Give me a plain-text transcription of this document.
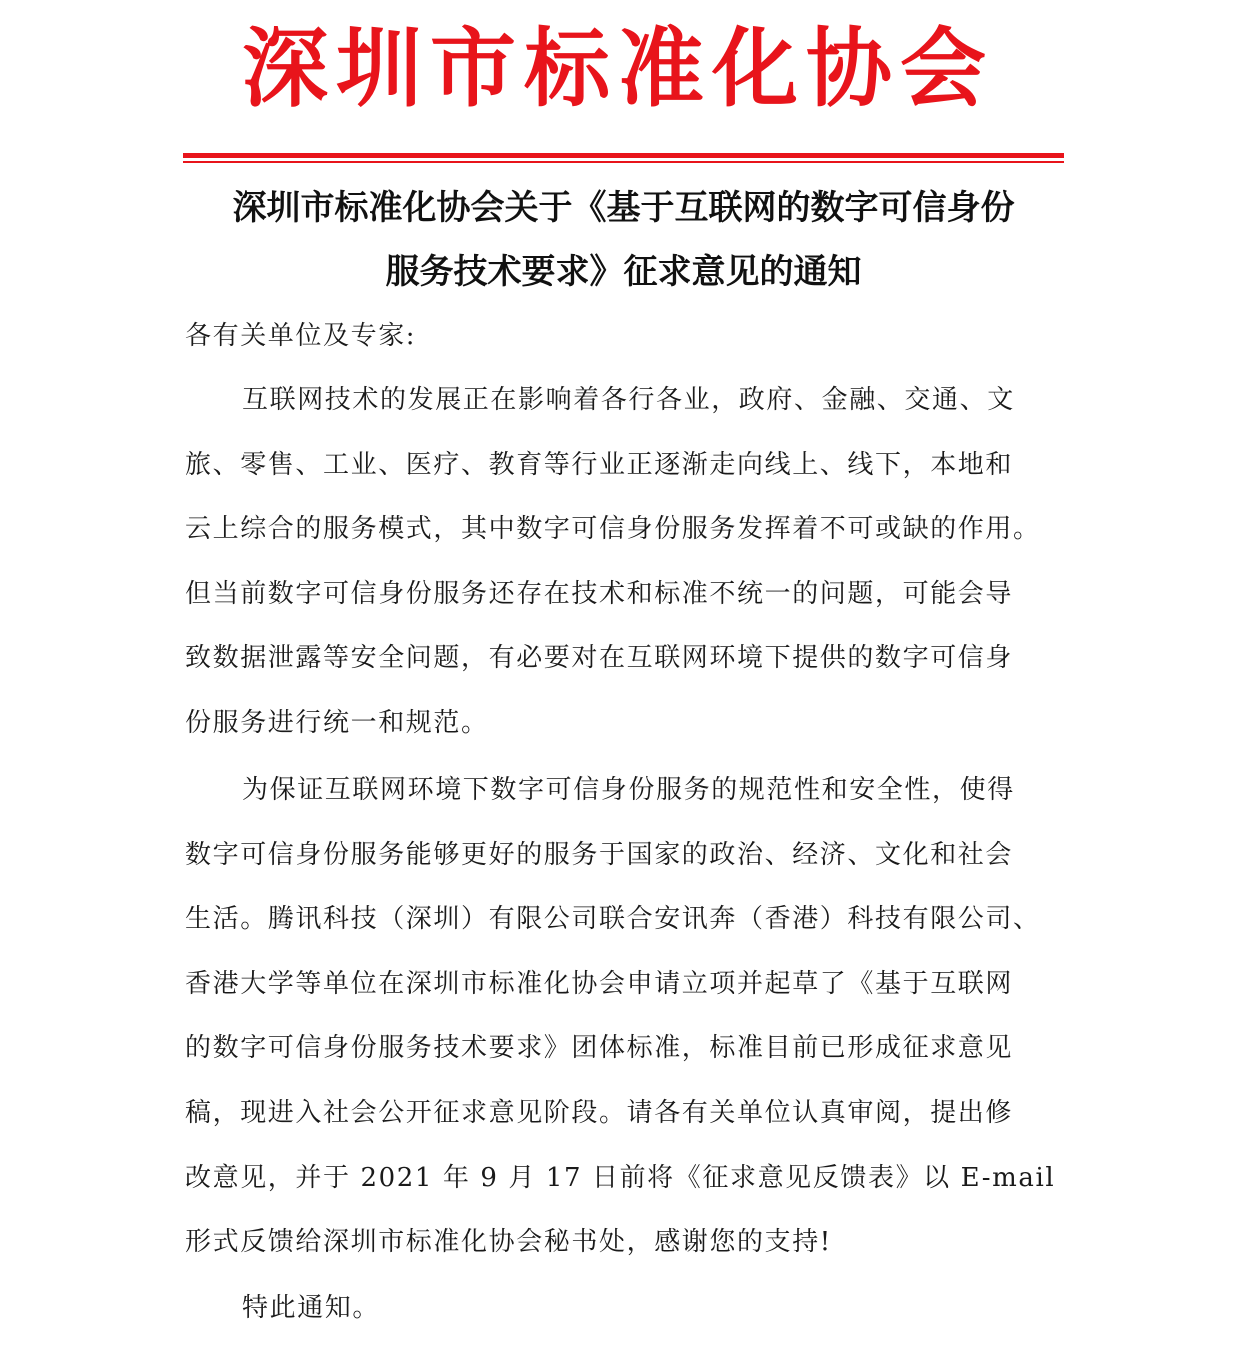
深圳市标准化协会
深圳市标准化协会关于《基于互联网的数字可信身份
服务技术要求》征求意见的通知
各有关单位及专家:
互联网技术的发展正在影响着各行各业，政府、金融、交通、文
旅、零售、工业、医疗、教育等行业正逐渐走向线上、线下，本地和
云上综合的服务模式，其中数字可信身份服务发挥着不可或缺的作用。
但当前数字可信身份服务还存在技术和标准不统一的问题，可能会导
致数据泄露等安全问题，有必要对在互联网环境下提供的数字可信身
份服务进行统一和规范。
为保证互联网环境下数字可信身份服务的规范性和安全性，使得
数字可信身份服务能够更好的服务于国家的政治、经济、文化和社会
生活。腾讯科技（深圳）有限公司联合安讯奔（香港）科技有限公司、
香港大学等单位在深圳市标准化协会申请立项并起草了《基于互联网
的数字可信身份服务技术要求》团体标准，标准目前已形成征求意见
稿，现进入社会公开征求意见阶段。请各有关单位认真审阅，提出修
改意见，并于 2021 年 9 月 17 日前将《征求意见反馈表》以 E-mail
形式反馈给深圳市标准化协会秘书处，感谢您的支持!
特此通知。
